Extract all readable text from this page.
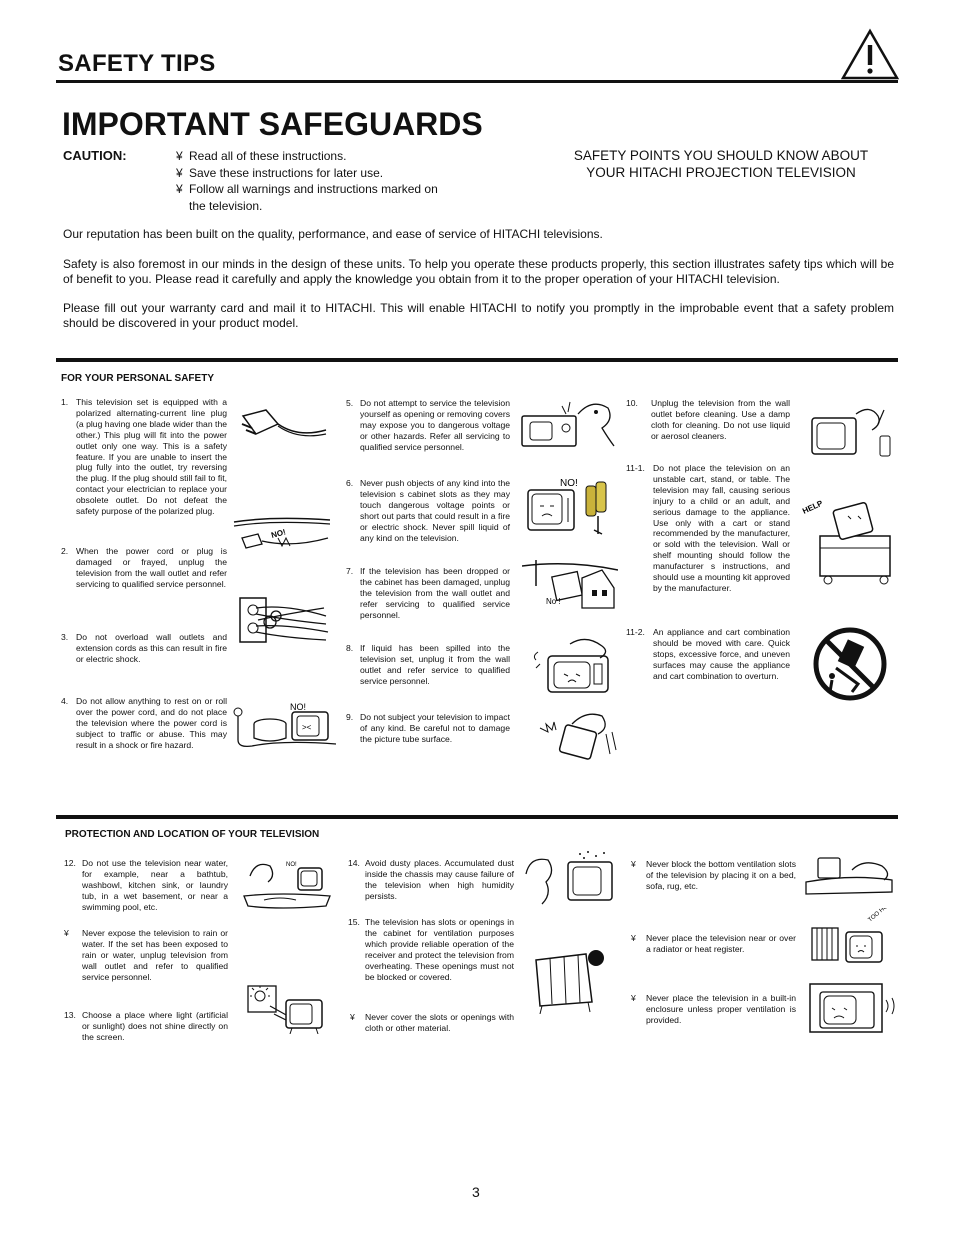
SAFETY TIPS
IMPORTANT SAFEGUARDS
CAUTION:	¥ Read all of these instructions.
¥ Save these instructions for later use.
¥ Follow all warnings and instructions marked on the television.
SAFETY POINTS YOU SHOULD KNOW ABOUT
YOUR HITACHI PROJECTION TELEVISION
Our reputation has been built on the quality, performance, and ease of service of HITACHI televisions.
Safety is also foremost in our minds in the design of these units. To help you operate these products properly, this section illustrates safety tips which will be of benefit to you. Please read it carefully and apply the knowledge you obtain from it to the proper operation of your HITACHI television.
Please fill out your warranty card and mail it to HITACHI. This will enable HITACHI to notify you promptly in the improbable event that a safety problem should be discovered in your product model.
FOR YOUR PERSONAL SAFETY
1. This television set is equipped with a polarized alternating-current line plug (a plug having one blade wider than the other.) This plug will fit into the power outlet only one way. This is a safety feature. If you are unable to insert the plug fully into the outlet, try reversing the plug. If the plug should still fail to fit, contact your electrician to replace your obsolete outlet. Do not defeat the safety purpose of the polarized plug.
2. When the power cord or plug is damaged or frayed, unplug the television from the wall outlet and refer servicing to qualified service personnel.
3. Do not overload wall outlets and extension cords as this can result in fire or electric shock.
4. Do not allow anything to rest on or roll over the power cord, and do not place the television where the power cord is subject to traffic or abuse. This may result in a shock or fire hazard.
5. Do not attempt to service the television yourself as opening or removing covers may expose you to dangerous voltage or other hazards. Refer all servicing to qualified service personnel.
6. Never push objects of any kind into the television s cabinet slots as they may touch dangerous voltage points or short out parts that could result in a fire or electric shock. Never spill liquid of any kind on the television.
7. If the television has been dropped or the cabinet has been damaged, unplug the television from the wall outlet and refer servicing to qualified service personnel.
8. If liquid has been spilled into the television set, unplug it from the wall outlet and refer service to qualified service personnel.
9. Do not subject your television to impact of any kind. Be careful not to damage the picture tube surface.
10.	Unplug the television from the wall outlet before cleaning. Use a damp cloth for cleaning. Do not use liquid or aerosol cleaners.
11-1. Do not place the television on an unstable cart, stand, or table. The television may fall, causing serious injury to a child or an adult, and serious damage to the appliance. Use only with a cart or stand recommended by the manufacturer, or sold with the television. Wall or shelf mounting should follow the manufacturer s instructions, and should use a mounting kit approved by the manufacturer.
11-2. An appliance and cart combination should be moved with care. Quick stops, excessive force, and uneven surfaces may cause the appliance and cart combination to overturn.
NO!
><
NO!
NO!
No !
HELP
PROTECTION AND LOCATION OF YOUR TELEVISION
12. Do not use the television near water, for example, near a bathtub, washbowl, kitchen sink, or laundry tub, in a wet basement, or near a swimming pool, etc.
¥	Never expose the television to rain or water. If the set has been exposed to rain or water, unplug television from wall outlet and refer to qualified service personnel.
13. Choose a place where light (artificial or sunlight) does not shine directly on the screen.
14. Avoid dusty places. Accumulated dust inside the chassis may cause failure of the television when high humidity persists.
15. The television has slots or openings in the cabinet for ventilation purposes which provide reliable operation of the receiver and protect the television from overheating. These openings must not be blocked or covered.
¥	Never cover the slots or openings with cloth or other material.
¥	Never block the bottom ventilation slots of the television by placing it on a bed, sofa, rug, etc.
¥	Never place the television near or over a radiator or heat register.
¥	Never place the television in a built-in enclosure unless proper ventilation is provided.
NO!
TOO HOT!
3
